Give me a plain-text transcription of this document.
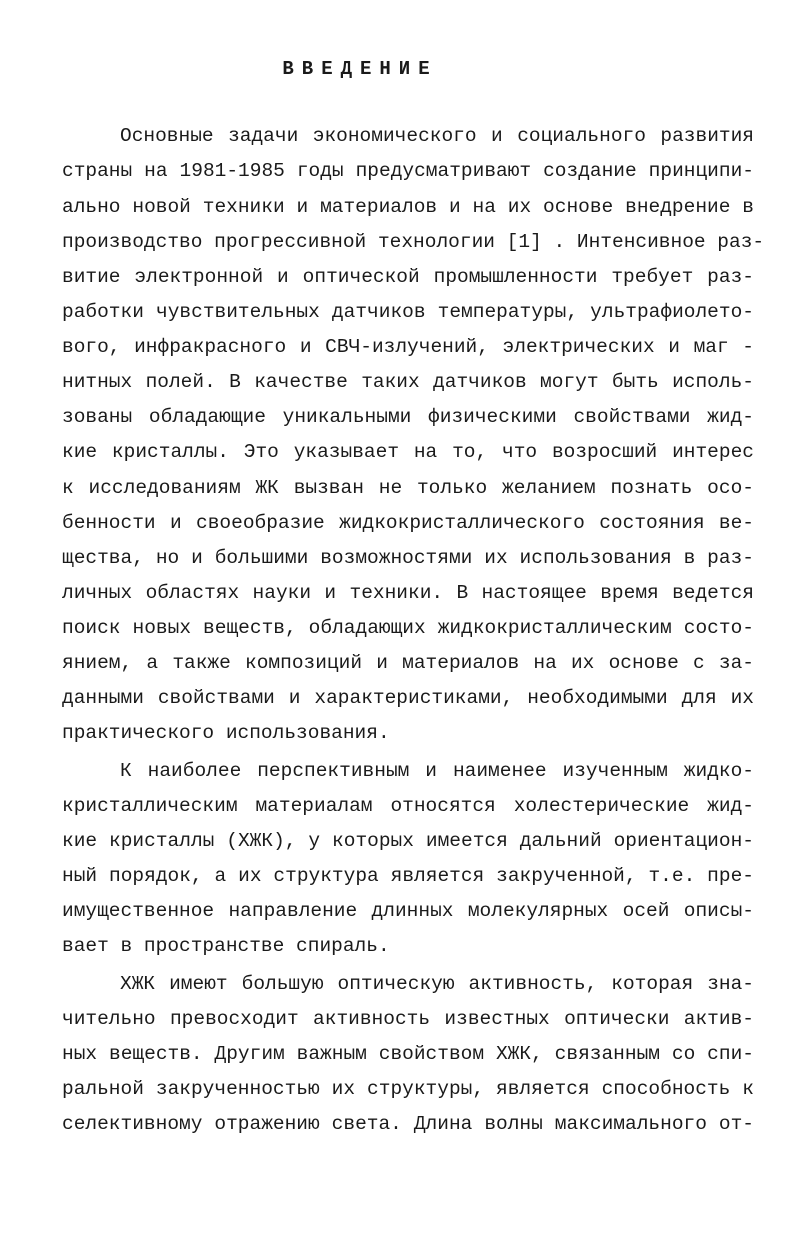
ВВЕДЕНИЕ
Основные задачи экономического и социального развития
страны на 1981-1985 годы предусматривают создание принципи-
ально новой техники и материалов и на их основе внедрение в
производство прогрессивной технологии [1] . Интенсивное раз-
витие электронной и оптической промышленности требует раз-
работки чувствительных датчиков температуры, ультрафиолето-
вого, инфракрасного и СВЧ-излучений, электрических и маг -
нитных полей. В качестве таких датчиков могут быть исполь-
зованы обладающие уникальными физическими свойствами жид-
кие кристаллы. Это указывает на то, что возросший интерес
к исследованиям ЖК вызван не только желанием познать осо-
бенности и своеобразие жидкокристаллического состояния ве-
щества, но и большими возможностями их использования в раз-
личных областях науки и техники. В настоящее время ведется
поиск новых веществ, обладающих жидкокристаллическим состо-
янием, а также композиций и материалов на их основе с за-
данными свойствами и характеристиками, необходимыми для их
практического использования.
К наиболее перспективным и наименее изученным жидко-
кристаллическим материалам относятся холестерические жид-
кие кристаллы (ХЖК), у которых имеется дальний ориентацион-
ный порядок, а их структура является закрученной, т.е. пре-
имущественное направление длинных молекулярных осей описы-
вает в пространстве спираль.
ХЖК имеют большую оптическую активность, которая зна-
чительно превосходит активность известных оптически актив-
ных веществ. Другим важным свойством ХЖК, связанным со спи-
ральной закрученностью их структуры, является способность к
селективному отражению света. Длина волны максимального от-
